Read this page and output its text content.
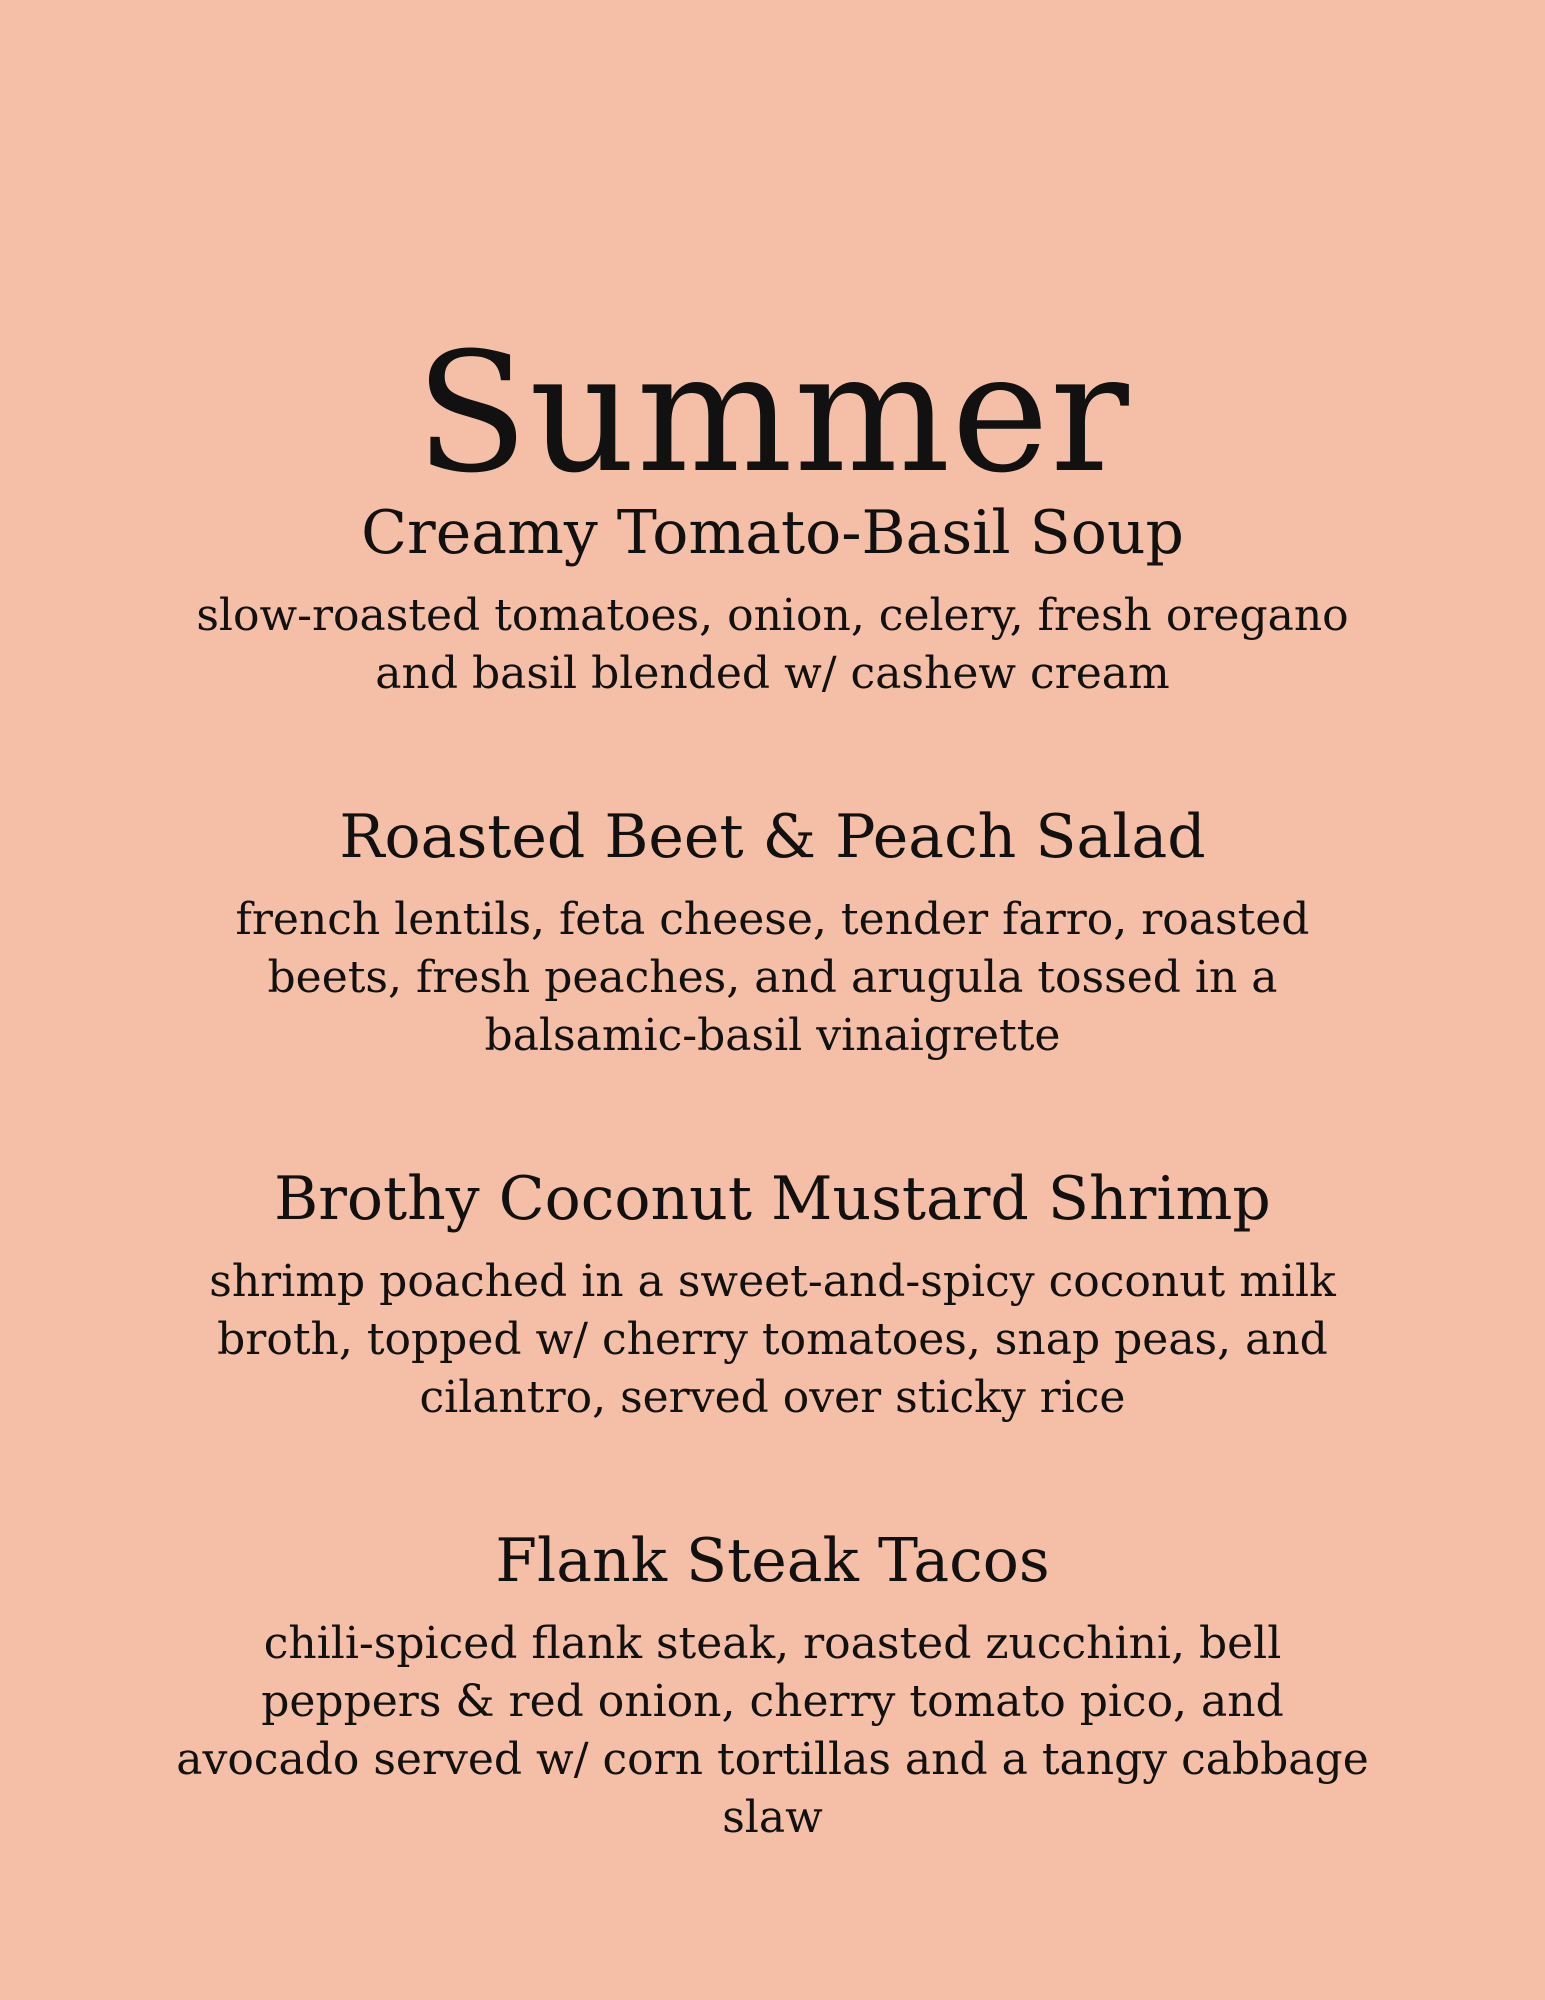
Summer
Creamy Tomato-Basil Soup

slow-roasted tomatoes, onion, celery, fresh oregano and basil blended w/ cashew cream

Roasted Beet & Peach Salad

french lentils, feta cheese, tender farro, roasted beets, fresh peaches, and arugula tossed in a balsamic-basil vinaigrette

Brothy Coconut Mustard Shrimp

shrimp poached in a sweet-and-spicy coconut milk broth, topped w/ cherry tomatoes, snap peas, and cilantro, served over sticky rice

Flank Steak Tacos

chili-spiced flank steak, roasted zucchini, bell peppers & red onion, cherry tomato pico, and avocado served w/ corn tortillas and a tangy cabbage slaw
